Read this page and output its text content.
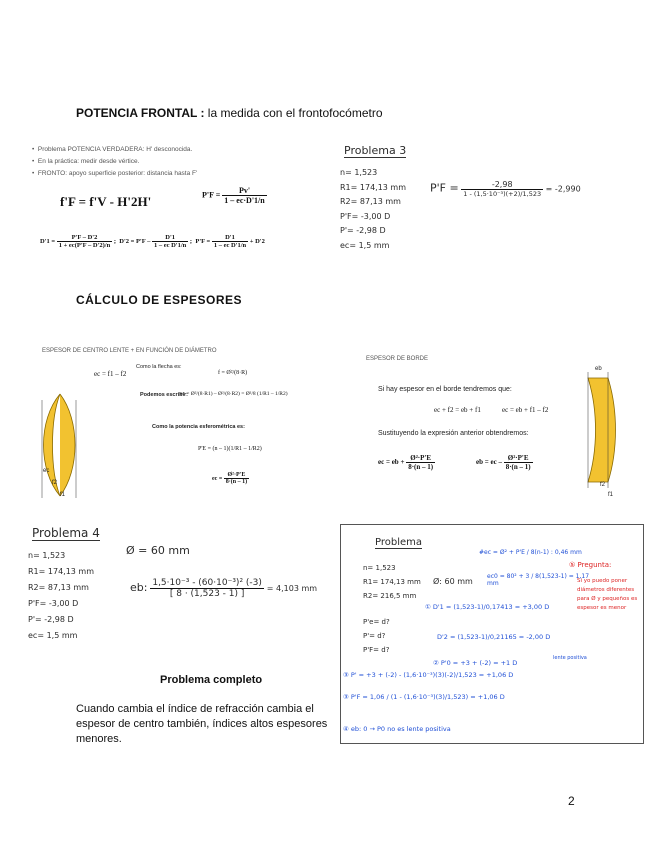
POTENCIA FRONTAL : la medida con el frontofocómetro
•  Problema POTENCIA VERDADERA: H' desconocida.
•  En la práctica: medir desde vértice.
•  FRONTO: apoyo superficie posterior: distancia hasta F'
f'F = f'V - H'2H'	$P'F = \frac{Pv'}{1 - ec\cdot D'1/n}$
$D'1 = \frac{P'F - D'2}{1 + ec(P'F - D'2)/n}$ ;  $D'2 = P'F - \frac{D'1}{\text{1 – ec D'1/n}}$ ;  $P'F = \frac{D'1}{\text{1 – ec D'1/n}} + D'2$
Problema 3
n= 1,523
R1= 174,13 mm
R2= 87,13 mm
P'F= -3,00 D
P'= -2,98 D
ec= 1,5 mm
$P'F = \frac{-2,98}{\text{1 - (1,5·10⁻³)(+2)/1,523}} = -2,990$
CÁLCULO DE ESPESORES
ESPESOR DE CENTRO LENTE + EN FUNCIÓN DE DIÁMETRO
ec
f2
f1
Como la flecha es:
ec = f1 – f2	f = Ø²/(8·R)
Podemos escribir:
ec = Ø²/(8·R1) – Ø²/(8·R2) = Ø²/8 (1/R1 – 1/R2)
Como la potencia esferométrica es:
P'E = (n – 1)(1/R1 – 1/R2)
ec = $\frac{\text{Ø²·P'E}}{8\cdot(n - 1)}$
ESPESOR DE BORDE
Si hay espesor en el borde tendremos que:
ec + f2 = eb + f1	ec = eb + f1 – f2
Sustituyendo la expresión anterior obtendremos:
ec = eb + $\frac{\text{Ø²·P'E}}{8\cdot(n - 1)}$	eb = ec – $\frac{\text{Ø²·P'E}}{8\cdot(n - 1)}$
eb
f2
f1
Problema 4
n= 1,523
R1= 174,13 mm
R2= 87,13 mm
P'F= -3,00 D
P'= -2,98 D
ec= 1,5 mm
Ø = 60 mm
eb: $\frac{\text{1,5·10⁻³ - (60·10⁻³)² (-3)}}{[ 8 \cdot (1,523 - 1) ]} = 4,103$ mm
Problema completo
Cuando cambia el índice de refracción cambia el espesor de centro también, índices altos espesores menores.
Problema
n= 1,523
R1= 174,13 mm
R2= 216,5 mm
P'e= d?
P'= d?
P'F= d?
Ø: 60 mm
#ec = Ø² + P'E / 8(n-1) : 0,46 mm
ec0 = 80² + 3 / 8(1,523-1) = 1,17 mm
① D'1 = (1,523-1)/0,17413 = +3,00 D
D'2 = (1,523-1)/0,21165 = -2,00 D
② P'0 = +3 + (-2) = +1 D
lente positiva
③ P' = +3 + (-2) - (1,6·10⁻³)(3)(-2)/1,523 = +1,06 D
③ P'F = 1,06 / (1 - (1,6·10⁻³)(3)/1,523) = +1,06 D
④ eb: 0 → P0 no es lente positiva
⑤ Pregunta:
Si yo puedo poner diámetros diferentes para Ø y pequeños es espesor es menor
2
